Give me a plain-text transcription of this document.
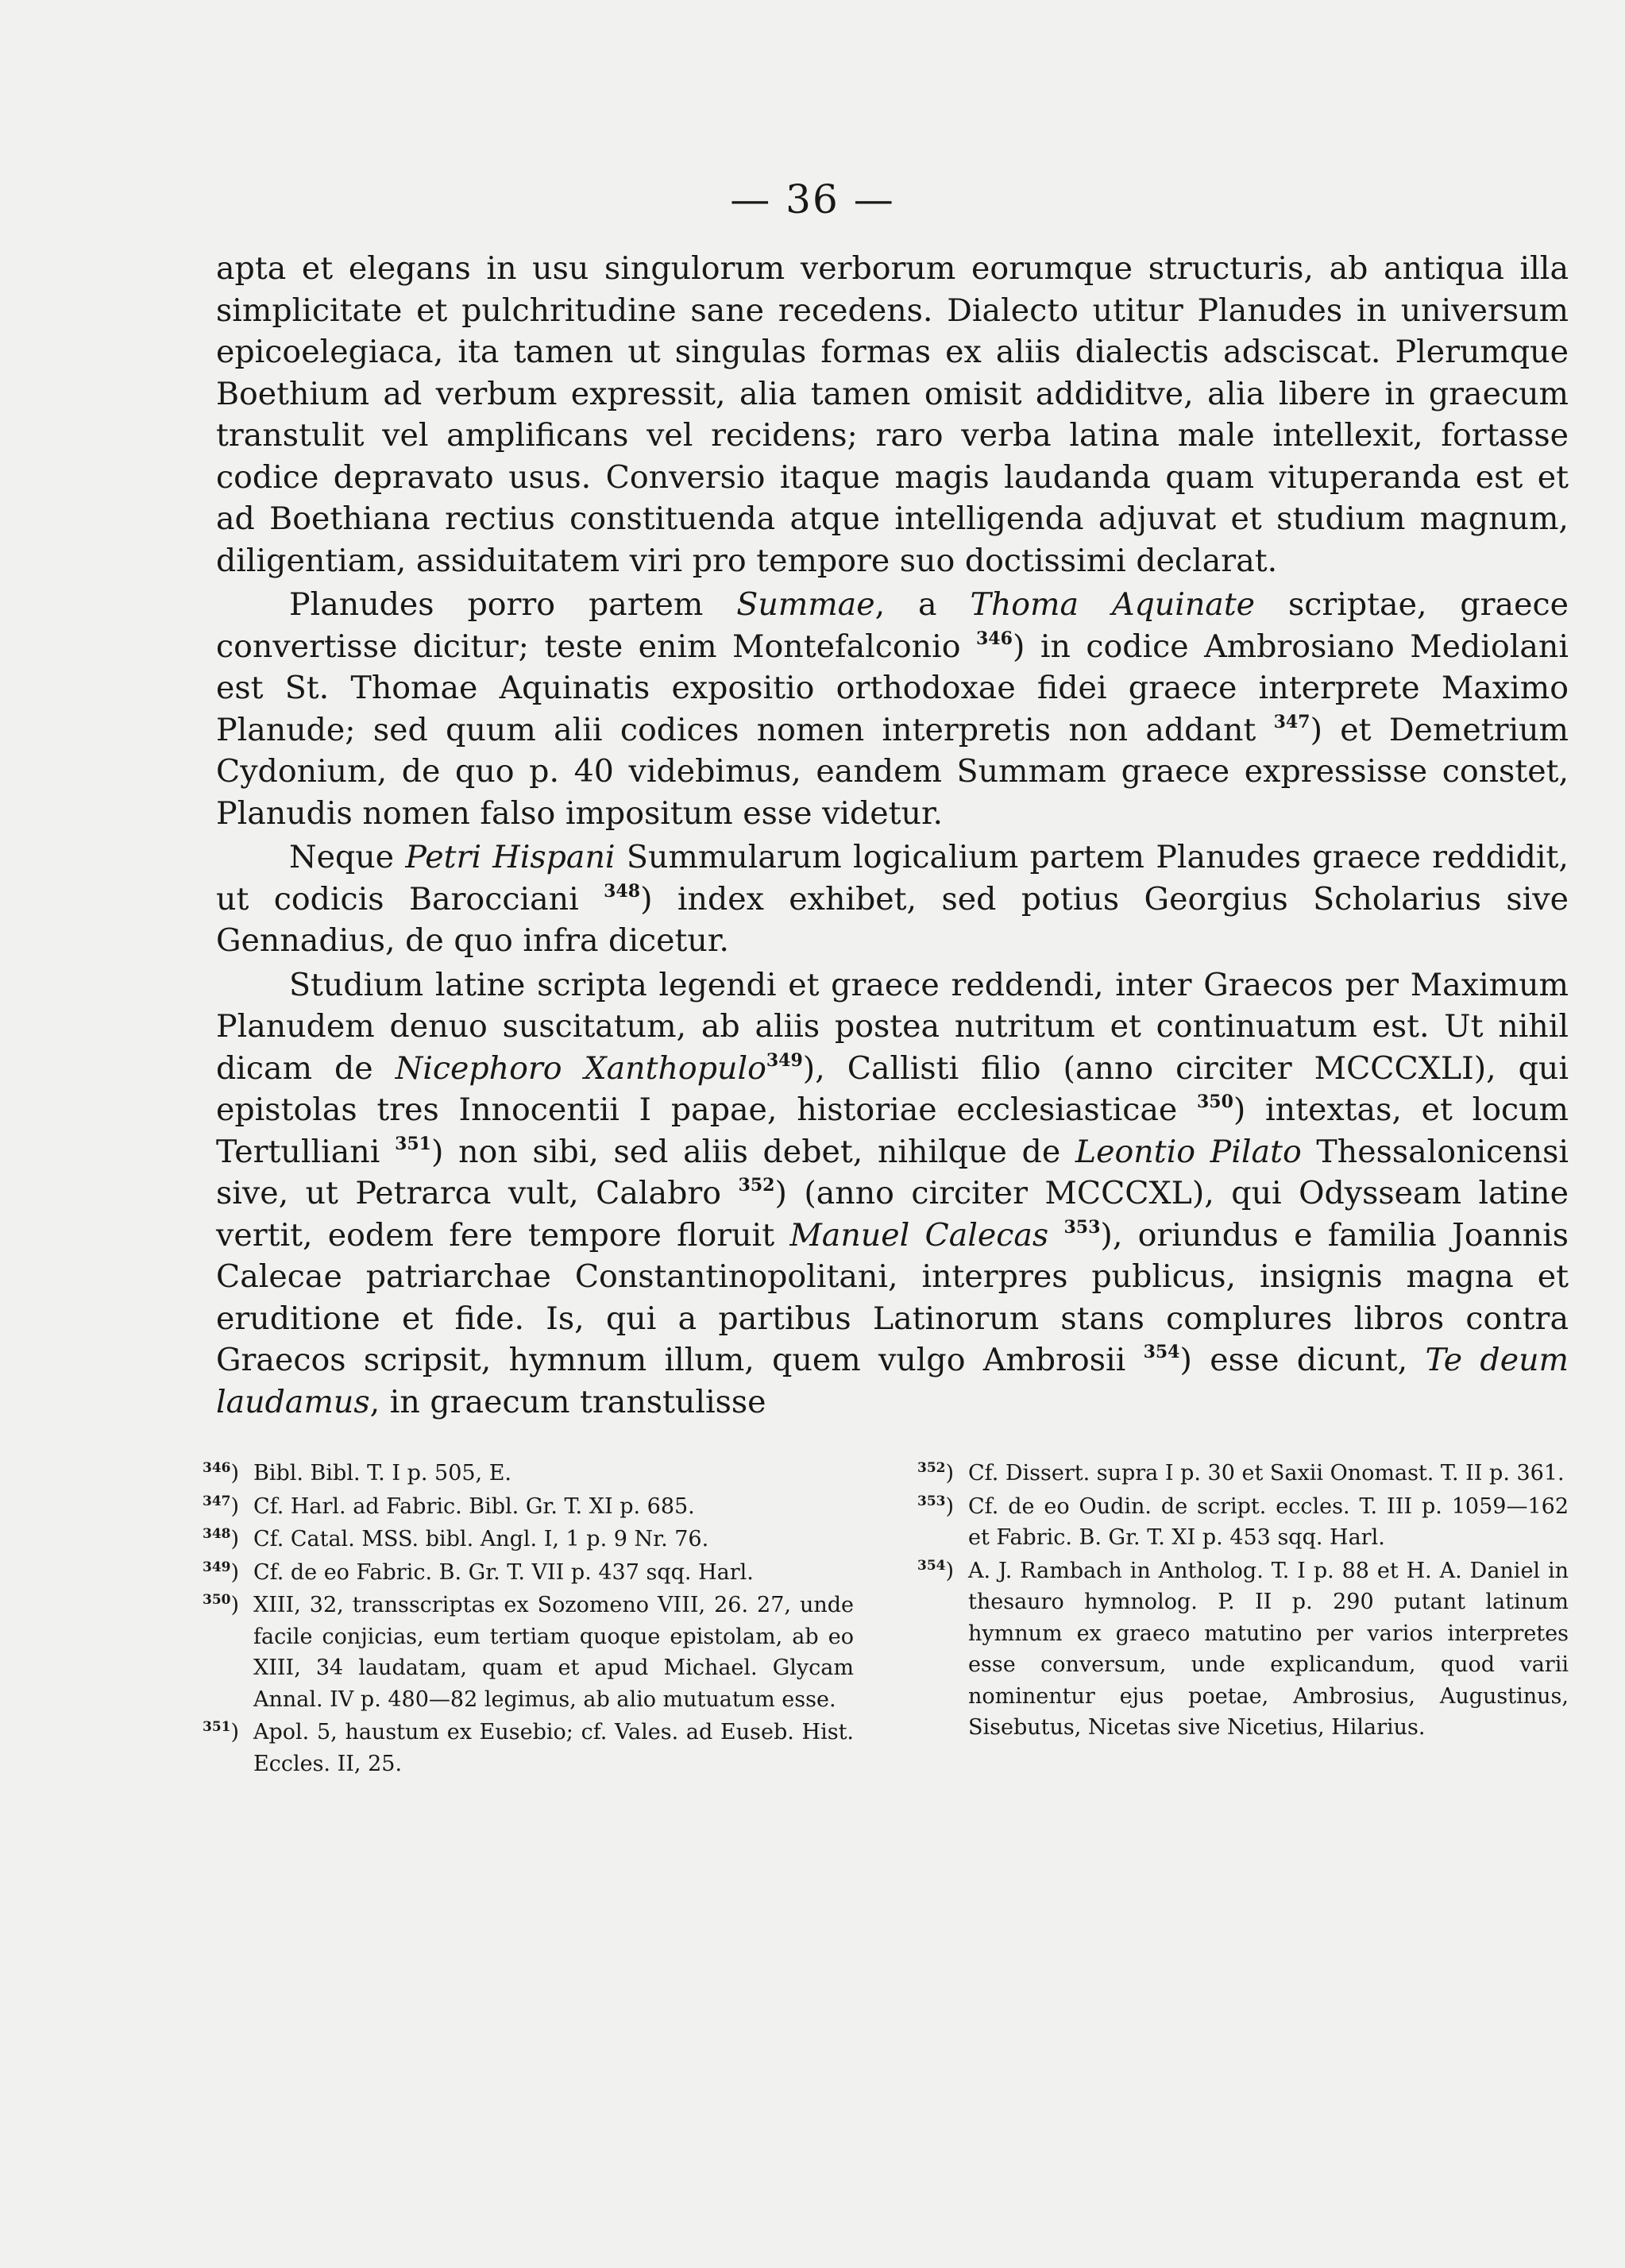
— 36 —

apta et elegans in usu singulorum verborum eorumque structuris, ab antiqua illa simplicitate et pulchritudine sane recedens. Dialecto utitur Planudes in universum epicoelegiaca, ita tamen ut singulas formas ex aliis dialectis adsciscat. Plerumque Boethium ad verbum expressit, alia tamen omisit addiditve, alia libere in graecum transtulit vel amplificans vel recidens; raro verba latina male intellexit, fortasse codice depravato usus. Conversio itaque magis laudanda quam vituperanda est et ad Boethiana rectius constituenda atque intelligenda adjuvat et studium magnum, diligentiam, assiduitatem viri pro tempore suo doctissimi declarat.

Planudes porro partem Summae, a Thoma Aquinate scriptae, graece convertisse dicitur; teste enim Montefalconio $^{346}$) in codice Ambrosiano Mediolani est St. Thomae Aquinatis expositio orthodoxae fidei graece interprete Maximo Planude; sed quum alii codices nomen interpretis non addant $^{347}$) et Demetrium Cydonium, de quo p. 40 videbimus, eandem Summam graece expressisse constet, Planudis nomen falso impositum esse videtur.

Neque Petri Hispani Summularum logicalium partem Planudes graece reddidit, ut codicis Barocciani $^{348}$) index exhibet, sed potius Georgius Scholarius sive Gennadius, de quo infra dicetur.

Studium latine scripta legendi et graece reddendi, inter Graecos per Maximum Planudem denuo suscitatum, ab aliis postea nutritum et continuatum est. Ut nihil dicam de Nicephoro Xanthopulo$^{349}$), Callisti filio (anno circiter MCCCXLI), qui epistolas tres Innocentii I papae, historiae ecclesiasticae $^{350}$) intextas, et locum Tertulliani $^{351}$) non sibi, sed aliis debet, nihilque de Leontio Pilato Thessalonicensi sive, ut Petrarca vult, Calabro $^{352}$) (anno circiter MCCCXL), qui Odysseam latine vertit, eodem fere tempore floruit Manuel Calecas $^{353}$), oriundus e familia Joannis Calecae patriarchae Constantinopolitani, interpres publicus, insignis magna et eruditione et fide. Is, qui a partibus Latinorum stans complures libros contra Graecos scripsit, hymnum illum, quem vulgo Ambrosii $^{354}$) esse dicunt, Te deum laudamus, in graecum transtulisse

$^{346}$) Bibl. Bibl. T. I p. 505, E.
$^{347}$) Cf. Harl. ad Fabric. Bibl. Gr. T. XI p. 685.
$^{348}$) Cf. Catal. MSS. bibl. Angl. I, 1 p. 9 Nr. 76.
$^{349}$) Cf. de eo Fabric. B. Gr. T. VII p. 437 sqq. Harl.
$^{350}$) XIII, 32, transscriptas ex Sozomeno VIII, 26. 27, unde facile conjicias, eum tertiam quoque epistolam, ab eo XIII, 34 laudatam, quam et apud Michael. Glycam Annal. IV p. 480—82 legimus, ab alio mutuatum esse.
$^{351}$) Apol. 5, haustum ex Eusebio; cf. Vales. ad Euseb. Hist. Eccles. II, 25.
$^{352}$) Cf. Dissert. supra I p. 30 et Saxii Onomast. T. II p. 361.
$^{353}$) Cf. de eo Oudin. de script. eccles. T. III p. 1059—162 et Fabric. B. Gr. T. XI p. 453 sqq. Harl.
$^{354}$) A. J. Rambach in Antholog. T. I p. 88 et H. A. Daniel in thesauro hymnolog. P. II p. 290 putant latinum hymnum ex graeco matutino per varios interpretes esse conversum, unde explicandum, quod varii nominentur ejus poetae, Ambrosius, Augustinus, Sisebutus, Nicetas sive Nicetius, Hilarius.
